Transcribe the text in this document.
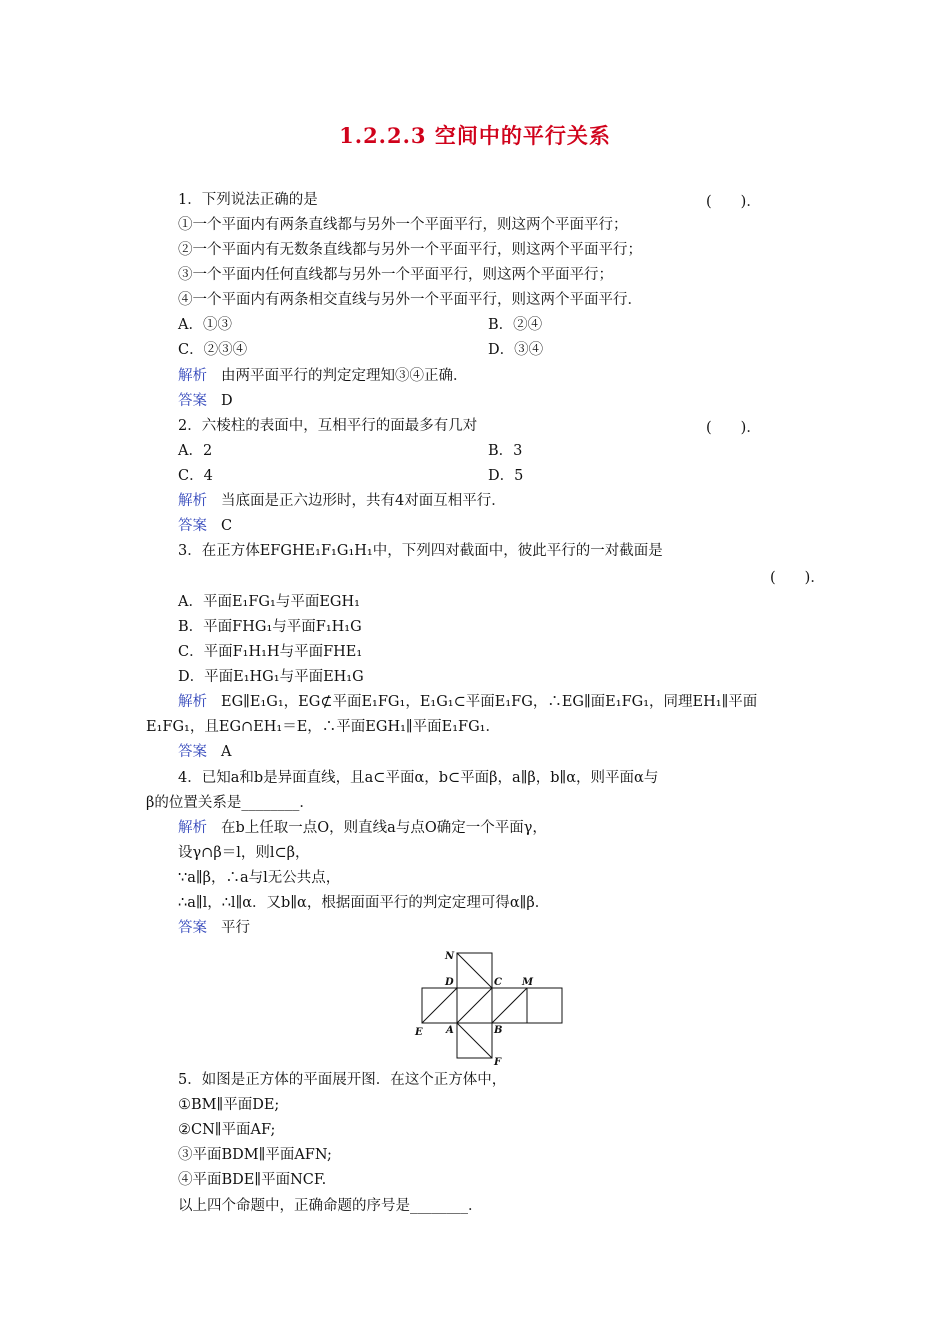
1.2.2.3 空间中的平行关系
1．下列说法正确的是	(　　)．
①一个平面内有两条直线都与另外一个平面平行，则这两个平面平行；
②一个平面内有无数条直线都与另外一个平面平行，则这两个平面平行；
③一个平面内任何直线都与另外一个平面平行，则这两个平面平行；
④一个平面内有两条相交直线与另外一个平面平行，则这两个平面平行．
A．①③	B．②④
C．②③④	D．③④
解析 由两平面平行的判定定理知③④正确．
答案 D
2．六棱柱的表面中，互相平行的面最多有几对	(　　)．
A．2	B．3
C．4	D．5
解析 当底面是正六边形时，共有4对面互相平行．
答案 C
3．在正方体EFGHE₁F₁G₁H₁中，下列四对截面中，彼此平行的一对截面是
(　　)．
A．平面E₁FG₁与平面EGH₁
B．平面FHG₁与平面F₁H₁G
C．平面F₁H₁H与平面FHE₁
D．平面E₁HG₁与平面EH₁G
解析 EG∥E₁G₁，EG⊄平面E₁FG₁，E₁G₁⊂平面E₁FG，∴EG∥面E₁FG₁，同理EH₁∥平面
E₁FG₁，且EG∩EH₁＝E，∴平面EGH₁∥平面E₁FG₁．
答案 A
4．已知a和b是异面直线，且a⊂平面α，b⊂平面β，a∥β，b∥α，则平面α与
β的位置关系是________．
解析 在b上任取一点O，则直线a与点O确定一个平面γ，
设γ∩β＝l，则l⊂β，
∵a∥β，∴a与l无公共点，
∴a∥l，∴l∥α．又b∥α，根据面面平行的判定定理可得α∥β．
答案 平行
N
D	C M
E A	B
F
5．如图是正方体的平面展开图．在这个正方体中，
①BM∥平面DE;
②CN∥平面AF;
③平面BDM∥平面AFN;
④平面BDE∥平面NCF.
以上四个命题中，正确命题的序号是________．
